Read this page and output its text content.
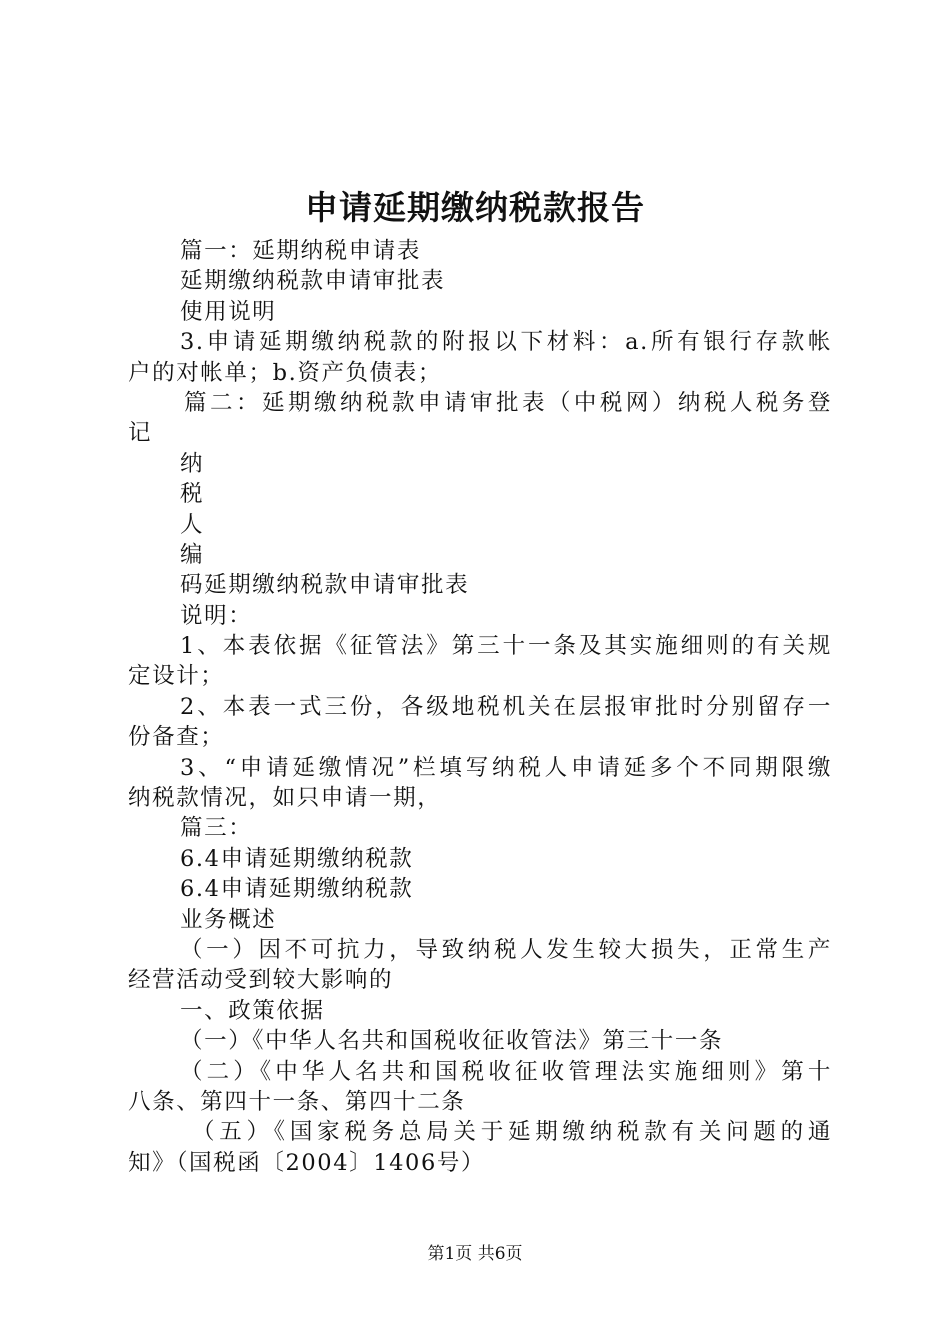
申请延期缴纳税款报告
篇一：延期纳税申请表
延期缴纳税款申请审批表
使用说明
3.申请延期缴纳税款的附报以下材料：a.所有银行存款帐
户的对帐单；b.资产负债表；
篇二：延期缴纳税款申请审批表（中税网）纳税人税务登
记
纳
税
人
编
码延期缴纳税款申请审批表
说明：
1、本表依据《征管法》第三十一条及其实施细则的有关规
定设计；
2、本表一式三份，各级地税机关在层报审批时分别留存一
份备查；
3、“申请延缴情况”栏填写纳税人申请延多个不同期限缴
纳税款情况，如只申请一期，
篇三：
6.4申请延期缴纳税款
6.4申请延期缴纳税款
业务概述
（一）因不可抗力，导致纳税人发生较大损失，正常生产
经营活动受到较大影响的
一、政策依据
（一）《中华人名共和国税收征收管法》第三十一条
（二）《中华人名共和国税收征收管理法实施细则》第十
八条、第四十一条、第四十二条
（五）《国家税务总局关于延期缴纳税款有关问题的通
知》（国税函〔2004〕1406号）
第1页 共6页
